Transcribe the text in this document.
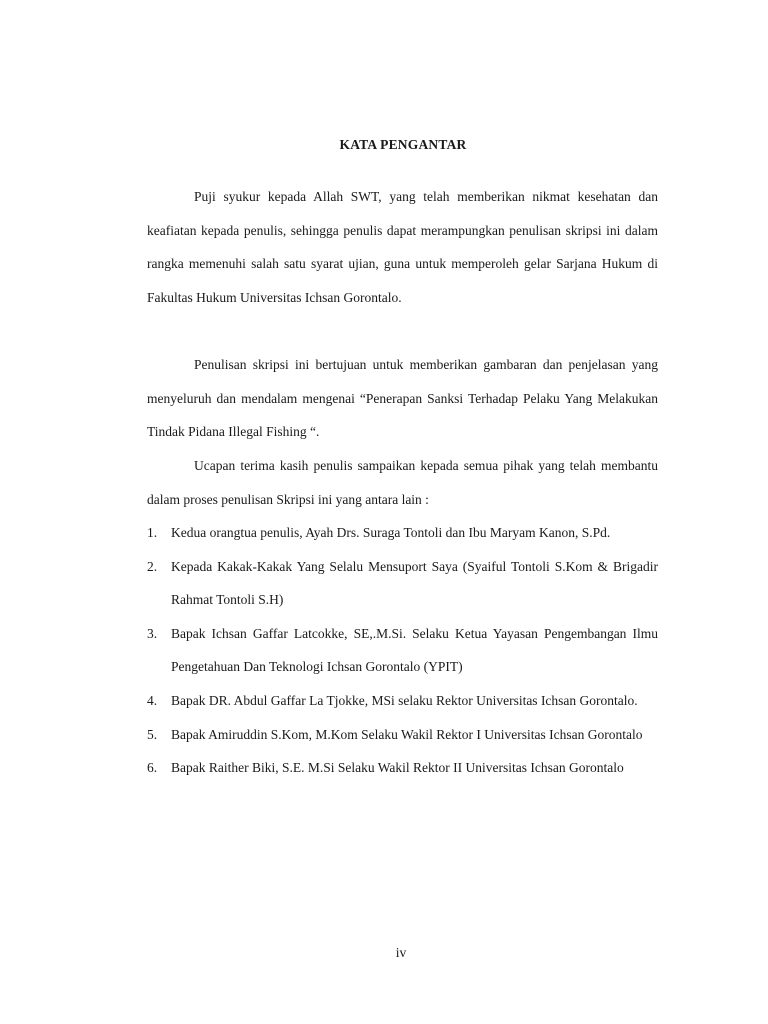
KATA PENGANTAR

Puji syukur kepada Allah SWT, yang telah memberikan nikmat kesehatan dan keafiatan kepada penulis, sehingga penulis dapat merampungkan penulisan skripsi ini dalam rangka memenuhi salah satu syarat ujian, guna untuk memperoleh gelar Sarjana Hukum di Fakultas Hukum Universitas Ichsan Gorontalo.

Penulisan skripsi ini bertujuan untuk memberikan gambaran dan penjelasan yang menyeluruh dan mendalam mengenai “Penerapan Sanksi Terhadap Pelaku Yang Melakukan Tindak Pidana Illegal Fishing “.

Ucapan terima kasih penulis sampaikan kepada semua pihak yang telah membantu dalam proses penulisan Skripsi ini yang antara lain :

1. Kedua orangtua penulis, Ayah Drs. Suraga Tontoli dan Ibu Maryam Kanon, S.Pd.
2. Kepada Kakak-Kakak Yang Selalu Mensuport Saya (Syaiful Tontoli S.Kom & Brigadir Rahmat Tontoli S.H)
3. Bapak Ichsan Gaffar Latcokke, SE,.M.Si. Selaku Ketua Yayasan Pengembangan Ilmu Pengetahuan Dan Teknologi Ichsan Gorontalo (YPIT)
4. Bapak DR. Abdul Gaffar La Tjokke, MSi selaku Rektor Universitas Ichsan Gorontalo.
5. Bapak Amiruddin S.Kom, M.Kom Selaku Wakil Rektor I Universitas Ichsan Gorontalo
6. Bapak Raither Biki, S.E. M.Si Selaku Wakil Rektor II Universitas Ichsan Gorontalo
iv
